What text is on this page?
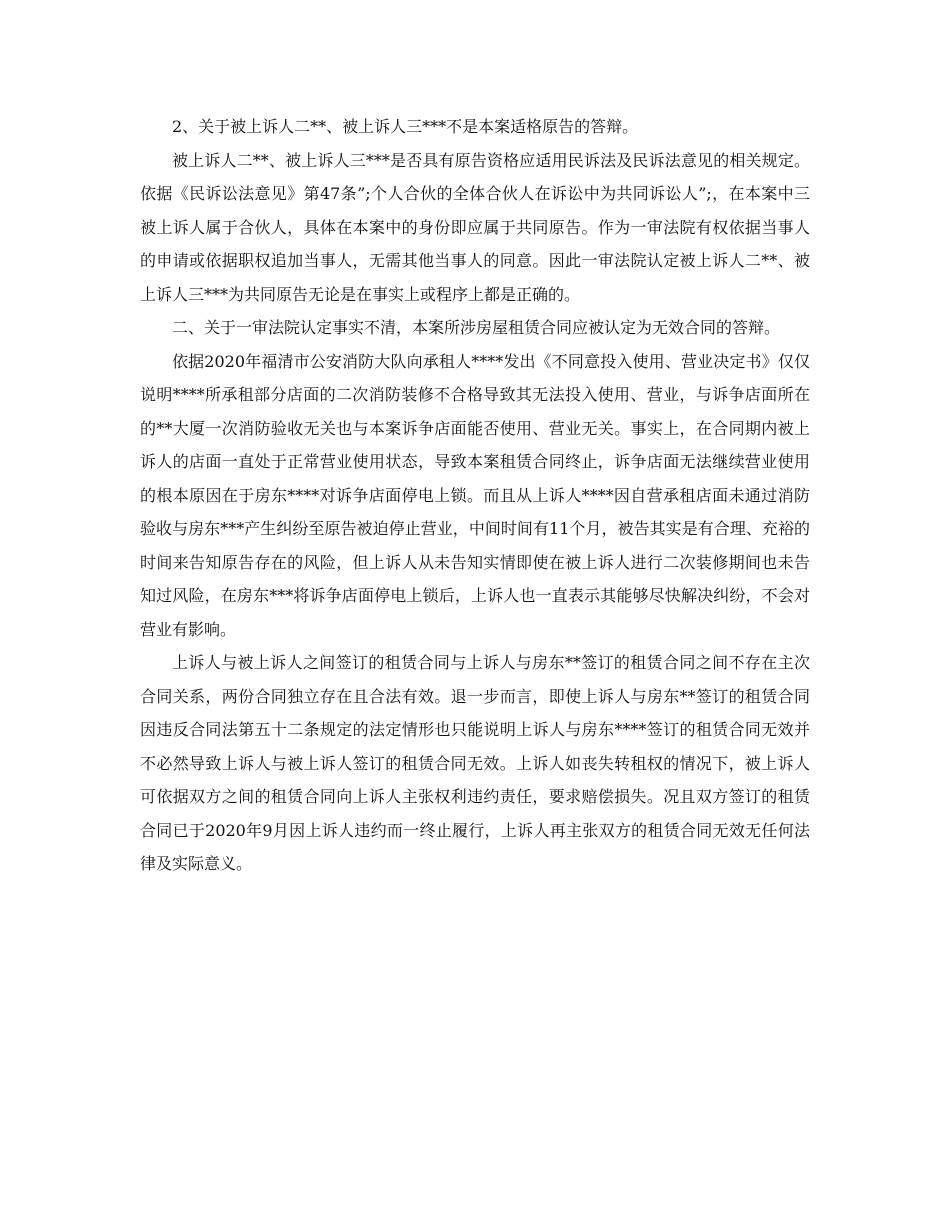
2、关于被上诉人二**、被上诉人三***不是本案适格原告的答辩。

被上诉人二**、被上诉人三***是否具有原告资格应适用民诉法及民诉法意见的相关规定。依据《民诉讼法意见》第47条”;个人合伙的全体合伙人在诉讼中为共同诉讼人”;，在本案中三被上诉人属于合伙人，具体在本案中的身份即应属于共同原告。作为一审法院有权依据当事人的申请或依据职权追加当事人，无需其他当事人的同意。因此一审法院认定被上诉人二**、被上诉人三***为共同原告无论是在事实上或程序上都是正确的。

二、关于一审法院认定事实不清，本案所涉房屋租赁合同应被认定为无效合同的答辩。

依据2020年福清市公安消防大队向承租人****发出《不同意投入使用、营业决定书》仅仅说明****所承租部分店面的二次消防装修不合格导致其无法投入使用、营业，与诉争店面所在的**大厦一次消防验收无关也与本案诉争店面能否使用、营业无关。事实上，在合同期内被上诉人的店面一直处于正常营业使用状态，导致本案租赁合同终止，诉争店面无法继续营业使用的根本原因在于房东****对诉争店面停电上锁。而且从上诉人****因自营承租店面未通过消防验收与房东***产生纠纷至原告被迫停止营业，中间时间有11个月，被告其实是有合理、充裕的时间来告知原告存在的风险，但上诉人从未告知实情即使在被上诉人进行二次装修期间也未告知过风险，在房东***将诉争店面停电上锁后，上诉人也一直表示其能够尽快解决纠纷，不会对营业有影响。

上诉人与被上诉人之间签订的租赁合同与上诉人与房东**签订的租赁合同之间不存在主次合同关系，两份合同独立存在且合法有效。退一步而言，即使上诉人与房东**签订的租赁合同因违反合同法第五十二条规定的法定情形也只能说明上诉人与房东****签订的租赁合同无效并不必然导致上诉人与被上诉人签订的租赁合同无效。上诉人如丧失转租权的情况下，被上诉人可依据双方之间的租赁合同向上诉人主张权利违约责任，要求赔偿损失。况且双方签订的租赁合同已于2020年9月因上诉人违约而一终止履行，上诉人再主张双方的租赁合同无效无任何法律及实际意义。
